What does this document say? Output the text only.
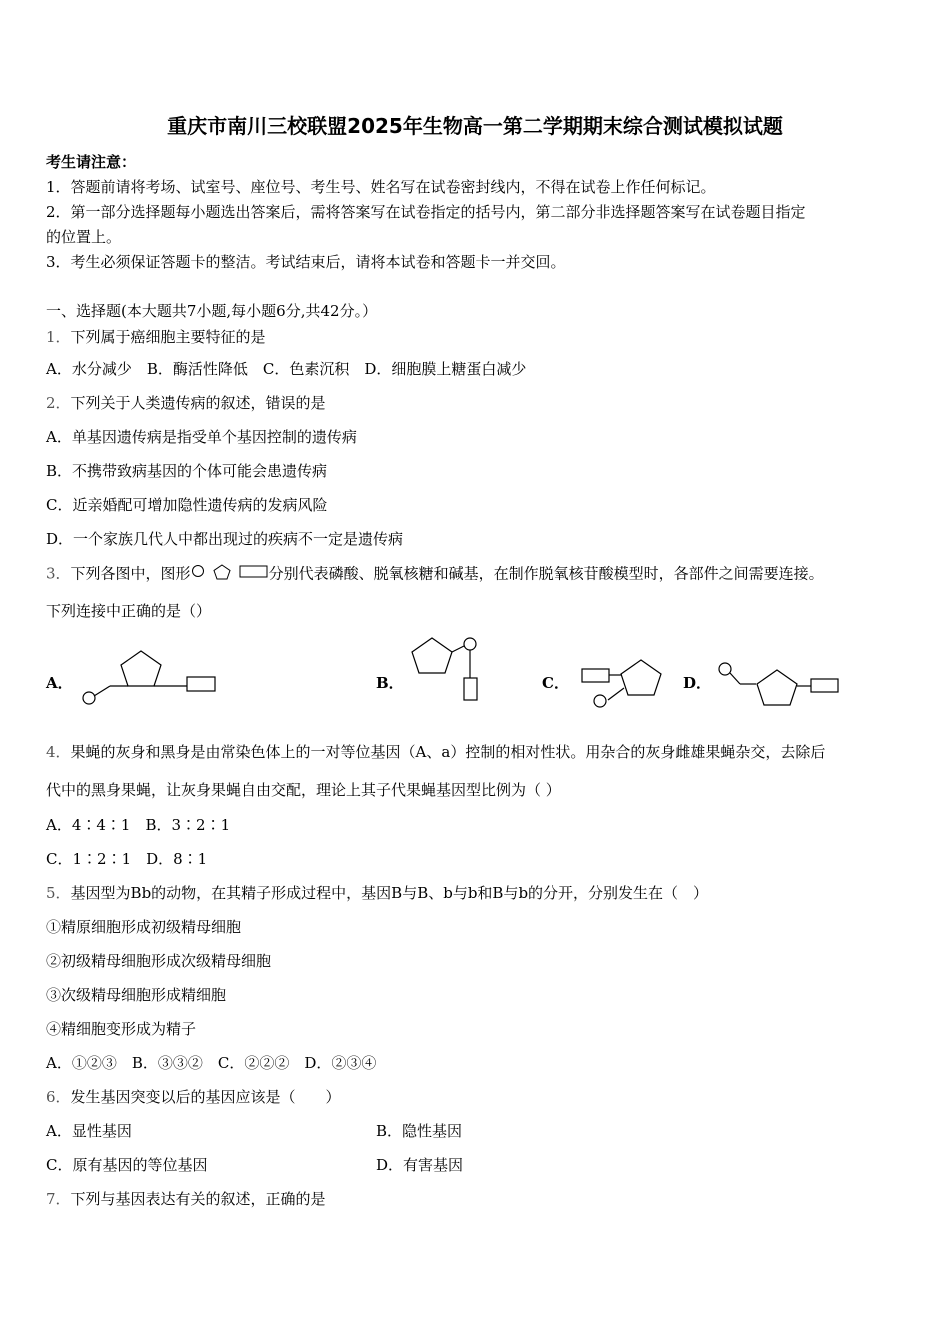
重庆市南川三校联盟2025年生物高一第二学期期末综合测试模拟试题
考生请注意：
1．答题前请将考场、试室号、座位号、考生号、姓名写在试卷密封线内，不得在试卷上作任何标记。
2．第一部分选择题每小题选出答案后，需将答案写在试卷指定的括号内，第二部分非选择题答案写在试卷题目指定
的位置上。
3．考生必须保证答题卡的整洁。考试结束后，请将本试卷和答题卡一并交回。
一、选择题(本大题共7小题,每小题6分,共42分。）
1．下列属于癌细胞主要特征的是
A．水分减少　B．酶活性降低　C．色素沉积　D．细胞膜上糖蛋白减少
2．下列关于人类遗传病的叙述，错误的是
A．单基因遗传病是指受单个基因控制的遗传病
B．不携带致病基因的个体可能会患遗传病
C．近亲婚配可增加隐性遗传病的发病风险
D．一个家族几代人中都出现过的疾病不一定是遗传病
3．下列各图中，图形	分别代表磷酸、脱氧核糖和碱基，在制作脱氧核苷酸模型时，各部件之间需要连接。
下列连接中正确的是（）
A．	B．	C．	D．
4．果蝇的灰身和黑身是由常染色体上的一对等位基因（A、a）控制的相对性状。用杂合的灰身雌雄果蝇杂交，去除后
代中的黑身果蝇，让灰身果蝇自由交配，理论上其子代果蝇基因型比例为（ ）
A．4∶4∶1　B．3∶2∶1
C．1∶2∶1　D．8∶1
5．基因型为Bb的动物，在其精子形成过程中，基因B与B、b与b和B与b的分开，分别发生在（　）
①精原细胞形成初级精母细胞
②初级精母细胞形成次级精母细胞
③次级精母细胞形成精细胞
④精细胞变形成为精子
A．①②③　B．③③②　C．②②②　D．②③④
6．发生基因突变以后的基因应该是（　　）
A．显性基因	B．隐性基因
C．原有基因的等位基因	D．有害基因
7．下列与基因表达有关的叙述，正确的是
